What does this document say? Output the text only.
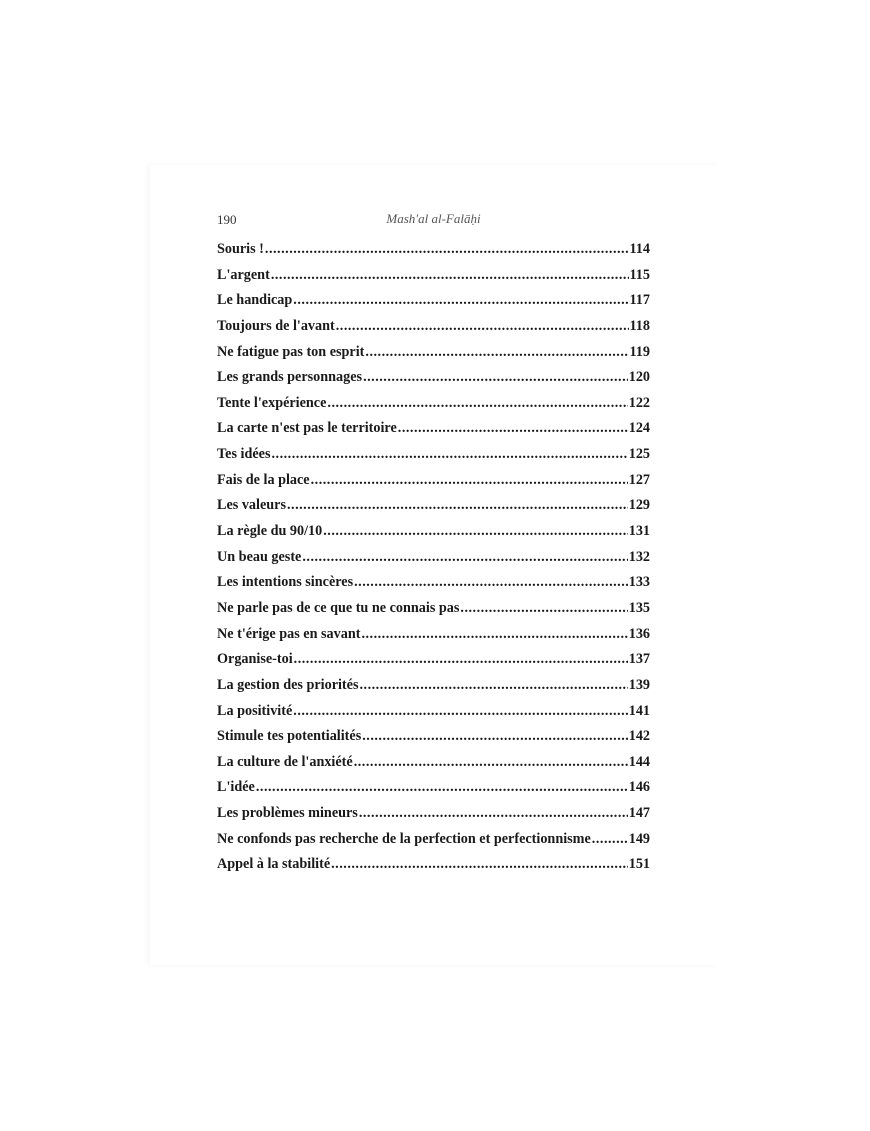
190	Mash'al al-Falāḥi
Souris ! .....	114
L'argent .....	115
Le handicap .....	117
Toujours de l'avant .....	118
Ne fatigue pas ton esprit .....	119
Les grands personnages .....	120
Tente l'expérience .....	122
La carte n'est pas le territoire .....	124
Tes idées .....	125
Fais de la place .....	127
Les valeurs .....	129
La règle du 90/10 .....	131
Un beau geste .....	132
Les intentions sincères .....	133
Ne parle pas de ce que tu ne connais pas .....	135
Ne t'érige pas en savant .....	136
Organise-toi .....	137
La gestion des priorités .....	139
La positivité .....	141
Stimule tes potentialités .....	142
La culture de l'anxiété .....	144
L'idée .....	146
Les problèmes mineurs .....	147
Ne confonds pas recherche de la perfection et perfectionnisme .....	149
Appel à la stabilité .....	151
